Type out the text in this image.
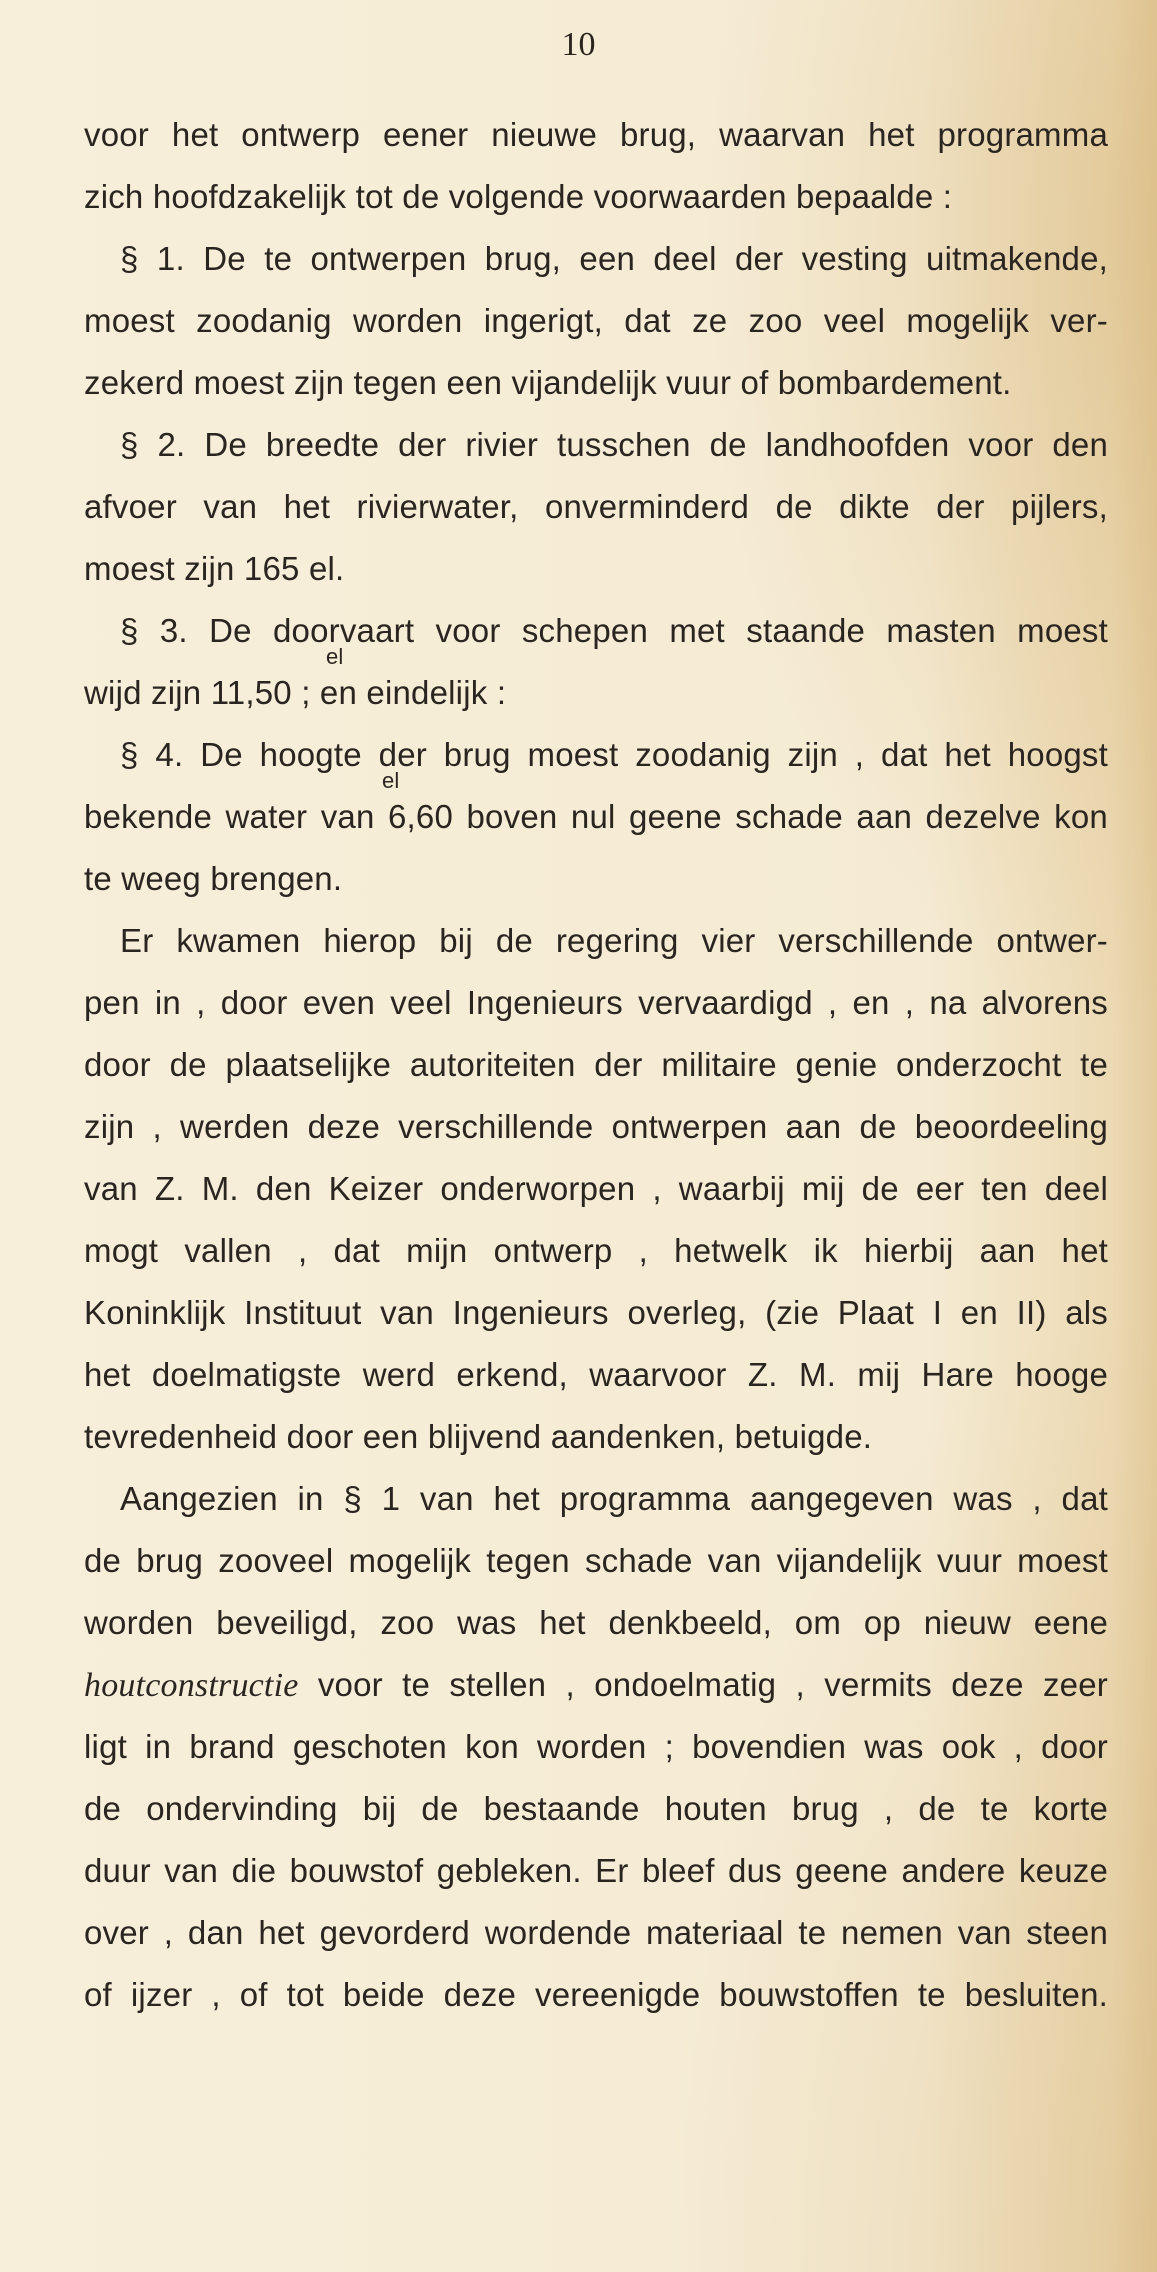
10
voor het ontwerp eener nieuwe brug, waarvan het programma
zich hoofdzakelijk tot de volgende voorwaarden bepaalde :
§ 1. De te ontwerpen brug, een deel der vesting uitmakende,
moest zoodanig worden ingerigt, dat ze zoo veel mogelijk ver-
zekerd moest zijn tegen een vijandelijk vuur of bombardement.
§ 2. De breedte der rivier tusschen de landhoofden voor den
afvoer van het rivierwater, onverminderd de dikte der pijlers,
moest zijn 165 el.
§ 3. De doorvaart voor schepen met staande masten moest
el
wijd zijn 11,50 ; en eindelijk :
§ 4. De hoogte der brug moest zoodanig zijn , dat het hoogst
el
bekende water van 6,60 boven nul geene schade aan dezelve kon
te weeg brengen.
Er kwamen hierop bij de regering vier verschillende ontwer-
pen in , door even veel Ingenieurs vervaardigd , en , na alvorens
door de plaatselijke autoriteiten der militaire genie onderzocht te
zijn , werden deze verschillende ontwerpen aan de beoordeeling
van Z. M. den Keizer onderworpen , waarbij mij de eer ten deel
mogt vallen , dat mijn ontwerp , hetwelk ik hierbij aan het
Koninklijk Instituut van Ingenieurs overleg, (zie Plaat I en II) als
het doelmatigste werd erkend, waarvoor Z. M. mij Hare hooge
tevredenheid door een blijvend aandenken, betuigde.
Aangezien in § 1 van het programma aangegeven was , dat
de brug zooveel mogelijk tegen schade van vijandelijk vuur moest
worden beveiligd, zoo was het denkbeeld, om op nieuw eene
houtconstructie voor te stellen , ondoelmatig , vermits deze zeer
ligt in brand geschoten kon worden ; bovendien was ook , door
de ondervinding bij de bestaande houten brug , de te korte
duur van die bouwstof gebleken. Er bleef dus geene andere keuze
over , dan het gevorderd wordende materiaal te nemen van steen
of ijzer , of tot beide deze vereenigde bouwstoffen te besluiten.
